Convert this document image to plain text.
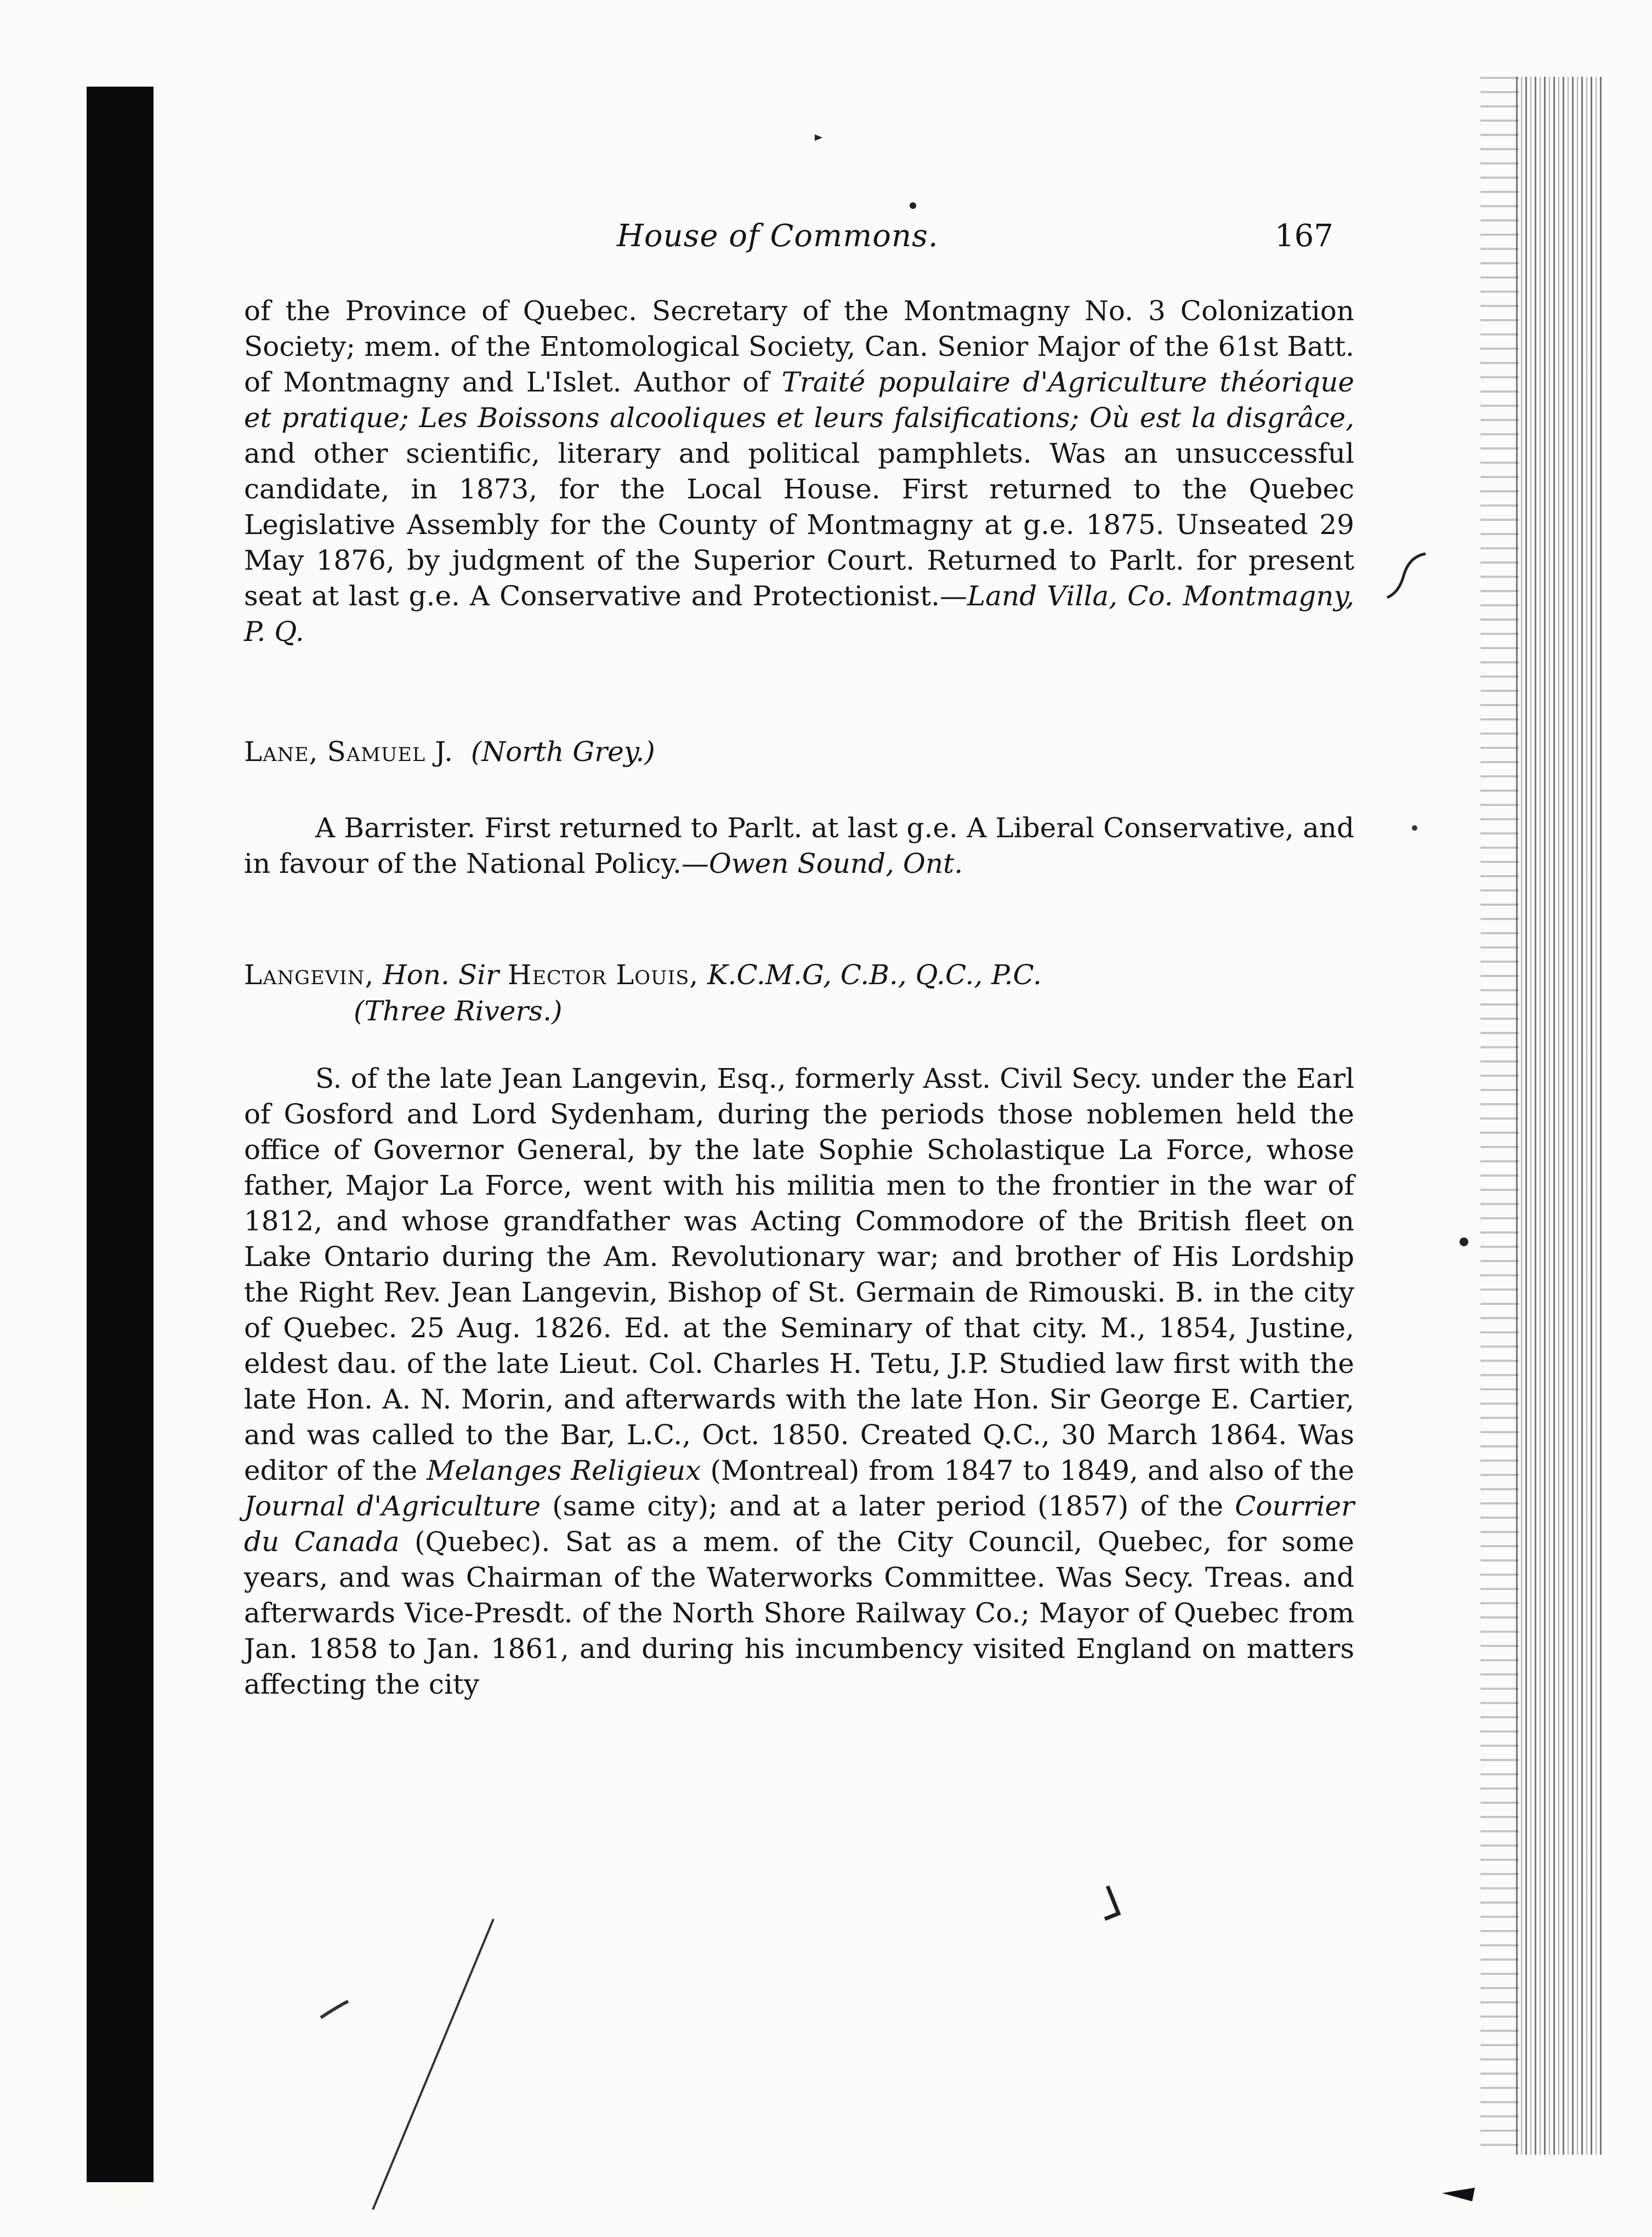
House of Commons.	167

of the Province of Quebec. Secretary of the Montmagny No. 3 Colonization Society; mem. of the Entomological Society, Can. Senior Major of the 61st Batt. of Montmagny and L'Islet. Author of Traité populaire d'Agriculture théorique et pratique; Les Boissons alcooliques et leurs falsifications; Où est la disgrâce, and other scientific, literary and political pamphlets. Was an unsuccessful candidate, in 1873, for the Local House. First returned to the Quebec Legislative Assembly for the County of Montmagny at g.e. 1875. Unseated 29 May 1876, by judgment of the Superior Court. Returned to Parlt. for present seat at last g.e. A Conservative and Protectionist.—Land Villa, Co. Montmagny, P. Q.

Lane, Samuel J. (North Grey.)

A Barrister. First returned to Parlt. at last g.e. A Liberal Conservative, and in favour of the National Policy.—Owen Sound, Ont.

Langevin, Hon. Sir Hector Louis, K.C.M.G, C.B., Q.C., P.C.
(Three Rivers.)

S. of the late Jean Langevin, Esq., formerly Asst. Civil Secy. under the Earl of Gosford and Lord Sydenham, during the periods those noblemen held the office of Governor General, by the late Sophie Scholastique La Force, whose father, Major La Force, went with his militia men to the frontier in the war of 1812, and whose grandfather was Acting Commodore of the British fleet on Lake Ontario during the Am. Revolutionary war; and brother of His Lordship the Right Rev. Jean Langevin, Bishop of St. Germain de Rimouski. B. in the city of Quebec. 25 Aug. 1826. Ed. at the Seminary of that city. M., 1854, Justine, eldest dau. of the late Lieut. Col. Charles H. Tetu, J.P. Studied law first with the late Hon. A. N. Morin, and afterwards with the late Hon. Sir George E. Cartier, and was called to the Bar, L.C., Oct. 1850. Created Q.C., 30 March 1864. Was editor of the Melanges Religieux (Montreal) from 1847 to 1849, and also of the Journal d'Agriculture (same city); and at a later period (1857) of the Courrier du Canada (Quebec). Sat as a mem. of the City Council, Quebec, for some years, and was Chairman of the Waterworks Committee. Was Secy. Treas. and afterwards Vice-Presdt. of the North Shore Railway Co.; Mayor of Quebec from Jan. 1858 to Jan. 1861, and during his incumbency visited England on matters affecting the city
